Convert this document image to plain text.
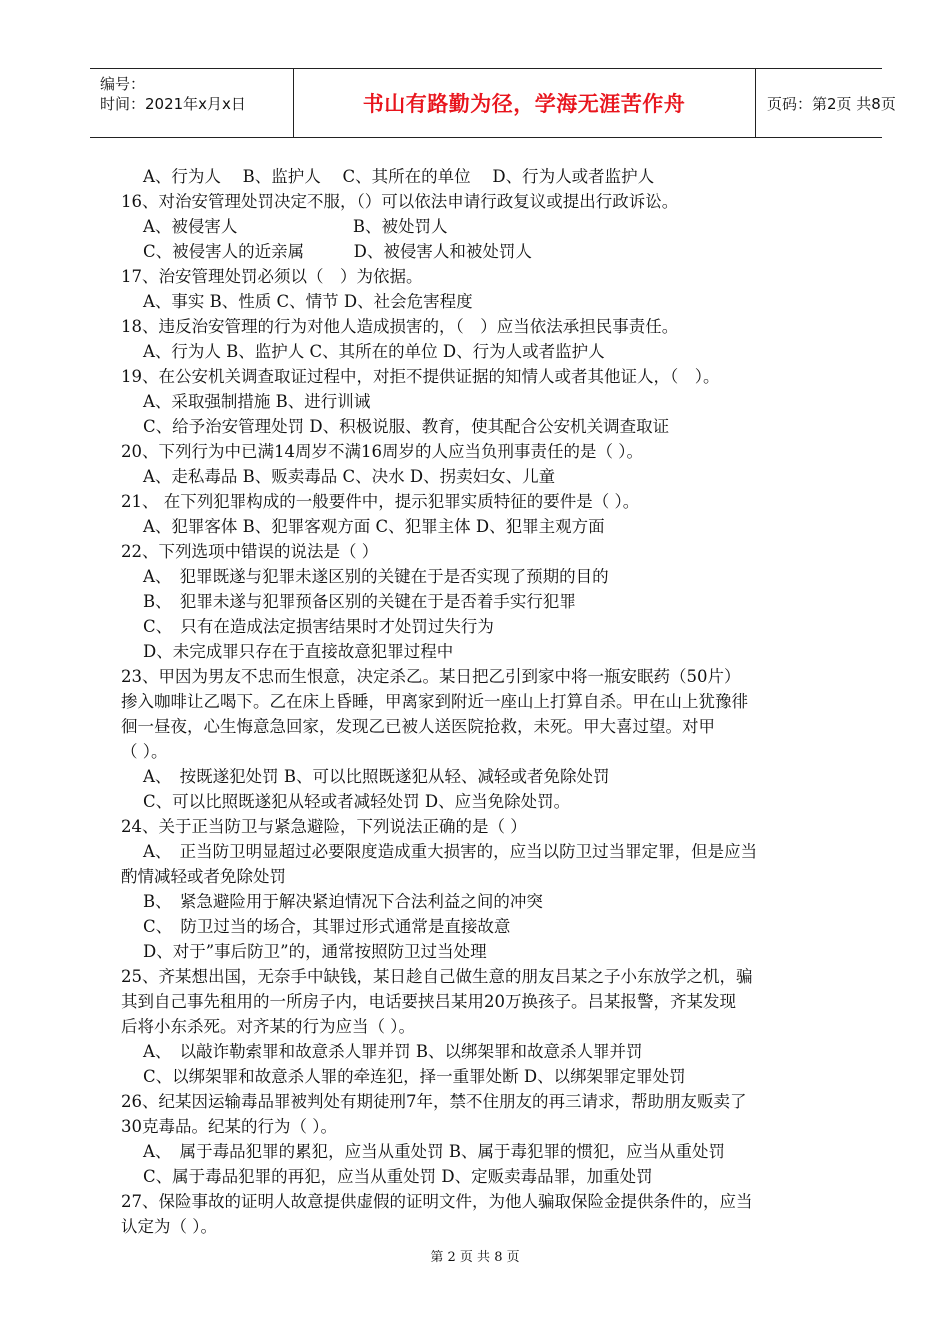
编号：
时间：2021年x月x日	书山有路勤为径，学海无涯苦作舟	页码：第2页 共8页
A、行为人　 B、监护人　 C、其所在的单位　 D、行为人或者监护人
16、对治安管理处罚决定不服，（）可以依法申请行政复议或提出行政诉讼。
A、被侵害人　　　　　　　B、被处罚人
C、被侵害人的近亲属　　　D、被侵害人和被处罚人
17、治安管理处罚必须以（　）为依据。
A、事实 B、性质 C、情节 D、社会危害程度
18、违反治安管理的行为对他人造成损害的，（　）应当依法承担民事责任。
A、行为人 B、监护人 C、其所在的单位 D、行为人或者监护人
19、在公安机关调查取证过程中，对拒不提供证据的知情人或者其他证人，（　）。
A、采取强制措施 B、进行训诫
C、给予治安管理处罚 D、积极说服、教育，使其配合公安机关调查取证
20、下列行为中已满14周岁不满16周岁的人应当负刑事责任的是（ ）。
A、走私毒品 B、贩卖毒品 C、决水 D、拐卖妇女、儿童
21、 在下列犯罪构成的一般要件中，提示犯罪实质特征的要件是（ ）。
A、犯罪客体 B、犯罪客观方面 C、犯罪主体 D、犯罪主观方面
22、下列选项中错误的说法是（ ）
A、　犯罪既遂与犯罪未遂区别的关键在于是否实现了预期的目的
B、　犯罪未遂与犯罪预备区别的关键在于是否着手实行犯罪
C、　只有在造成法定损害结果时才处罚过失行为
D、未完成罪只存在于直接故意犯罪过程中
23、甲因为男友不忠而生恨意，决定杀乙。某日把乙引到家中将一瓶安眠药（50片）
掺入咖啡让乙喝下。乙在床上昏睡，甲离家到附近一座山上打算自杀。甲在山上犹豫徘
徊一昼夜，心生悔意急回家，发现乙已被人送医院抢救，未死。甲大喜过望。对甲
（ ）。
A、　按既遂犯处罚 B、可以比照既遂犯从轻、减轻或者免除处罚
C、可以比照既遂犯从轻或者减轻处罚 D、应当免除处罚。
24、关于正当防卫与紧急避险，下列说法正确的是（ ）
A、　正当防卫明显超过必要限度造成重大损害的，应当以防卫过当罪定罪，但是应当
酌情减轻或者免除处罚
B、　紧急避险用于解决紧迫情况下合法利益之间的冲突
C、　防卫过当的场合，其罪过形式通常是直接故意
D、对于”事后防卫”的，通常按照防卫过当处理
25、齐某想出国，无奈手中缺钱，某日趁自己做生意的朋友吕某之子小东放学之机，骗
其到自己事先租用的一所房子内，电话要挟吕某用20万换孩子。吕某报警，齐某发现
后将小东杀死。对齐某的行为应当（ ）。
A、　以敲诈勒索罪和故意杀人罪并罚 B、以绑架罪和故意杀人罪并罚
C、以绑架罪和故意杀人罪的牵连犯，择一重罪处断 D、以绑架罪定罪处罚
26、纪某因运输毒品罪被判处有期徒刑7年，禁不住朋友的再三请求，帮助朋友贩卖了
30克毒品。纪某的行为（ ）。
A、　属于毒品犯罪的累犯，应当从重处罚 B、属于毒犯罪的惯犯，应当从重处罚
C、属于毒品犯罪的再犯，应当从重处罚 D、定贩卖毒品罪，加重处罚
27、保险事故的证明人故意提供虚假的证明文件，为他人骗取保险金提供条件的，应当
认定为（ ）。
第 2 页 共 8 页
